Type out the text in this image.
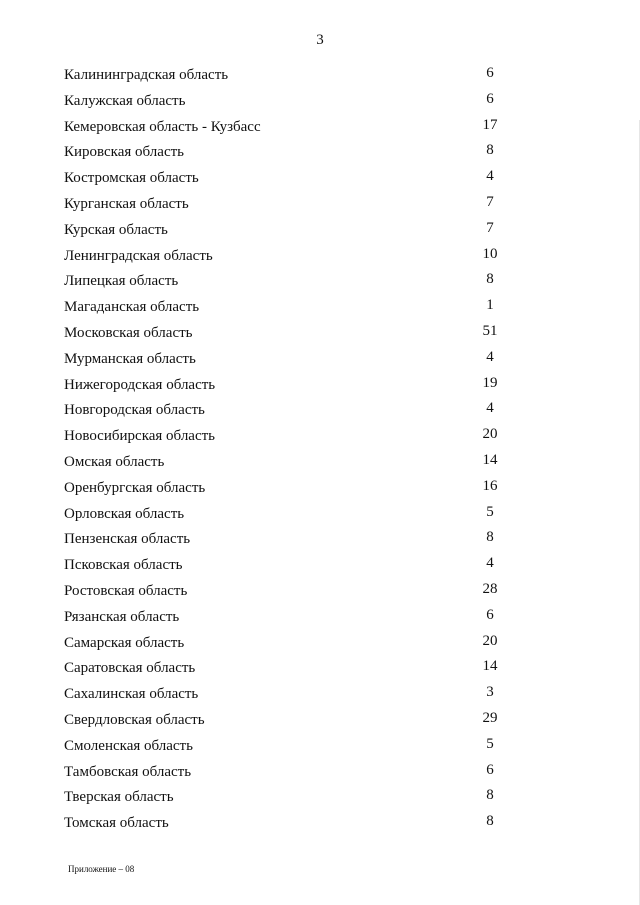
3
Калининградская область	6
Калужская область	6
Кемеровская область - Кузбасс	17
Кировская область	8
Костромская область	4
Курганская область	7
Курская область	7
Ленинградская область	10
Липецкая область	8
Магаданская область	1
Московская область	51
Мурманская область	4
Нижегородская область	19
Новгородская область	4
Новосибирская область	20
Омская область	14
Оренбургская область	16
Орловская область	5
Пензенская область	8
Псковская область	4
Ростовская область	28
Рязанская область	6
Самарская область	20
Саратовская область	14
Сахалинская область	3
Свердловская область	29
Смоленская область	5
Тамбовская область	6
Тверская область	8
Томская область	8
Приложение – 08
